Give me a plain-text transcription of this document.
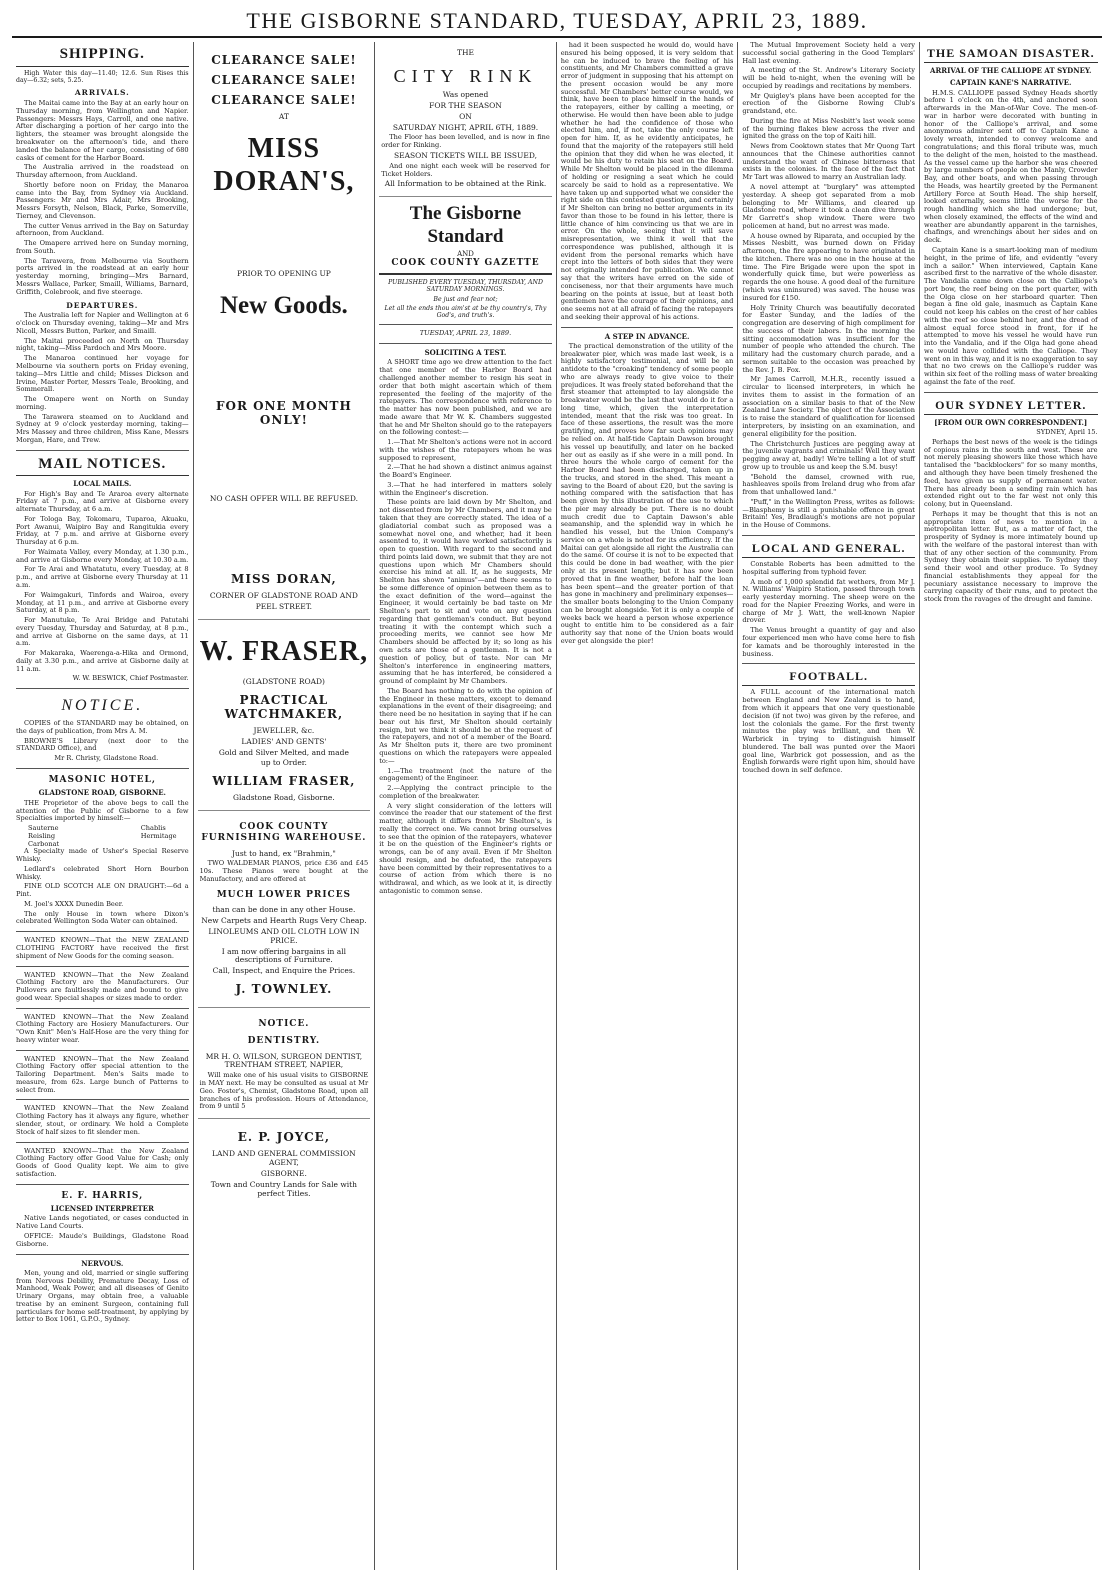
THE GISBORNE STANDARD, TUESDAY, APRIL 23, 1889.
SHIPPING.

High Water this day—11.40; 12.6. Sun Rises this day—6.32; sets, 5.25.

ARRIVALS.

The Maitai came into the Bay at an early hour on Thursday morning, from Wellington and Napier. Passengers: Messrs Hays, Carroll, and one native. After discharging a portion of her cargo into the lighters, the steamer was brought alongside the breakwater on the afternoon's tide, and there landed the balance of her cargo, consisting of 680 casks of cement for the Harbor Board.

The Australia arrived in the roadstead on Thursday afternoon, from Auckland.

Shortly before noon on Friday, the Manaroa came into the Bay, from Sydney via Auckland. Passengers: Mr and Mrs Adair, Mrs Brooking, Messrs Forsyth, Nelson, Black, Parke, Somerville, Tierney, and Clevenson.

The cutter Venus arrived in the Bay on Saturday afternoon, from Auckland.

The Omapere arrived here on Sunday morning, from South.

The Tarawera, from Melbourne via Southern ports arrived in the roadstead at an early hour yesterday morning, bringing—Mrs Barnard, Messrs Wallace, Parker, Smaill, Williams, Barnard, Griffith, Colebrook, and five steerage.

DEPARTURES.

The Australia left for Napier and Wellington at 6 o'clock on Thursday evening, taking—Mr and Mrs Nicoll, Messrs Button, Parker, and Smaill.

The Maitai proceeded on North on Thursday night, taking—Miss Pardoch and Mrs Moore.

The Manaroa continued her voyage for Melbourne via southern ports on Friday evening, taking—Mrs Little and child; Misses Dickson and Irvine, Master Porter, Messrs Teale, Brooking, and Sommerall.

The Omapere went on North on Sunday morning.

The Tarawera steamed on to Auckland and Sydney at 9 o'clock yesterday morning, taking—Mrs Massey and three children, Miss Kane, Messrs Morgan, Hare, and Trew.

MAIL NOTICES.
LOCAL MAILS.

For High's Bay and Te Araroa every alternate Friday at 7 p.m., and arrive at Gisborne every alternate Thursday, at 6 a.m.

For Tologa Bay, Tokomaru, Tuparoa, Akuaku, Port Awanui, Waipiro Bay and Rangitukia every Friday, at 7 p.m. and arrive at Gisborne every Thursday at 6 p.m.

For Waimata Valley, every Monday, at 1.30 p.m., and arrive at Gisborne every Monday, at 10.30 a.m.

For Te Arai and Whatatutu, every Tuesday, at 8 p.m., and arrive at Gisborne every Thursday at 11 a.m.

For Waimgakuri, Tinfords and Wairoa, every Monday, at 11 p.m., and arrive at Gisborne every Saturday, at 8 p.m.

For Manutuke, Te Arai Bridge and Patutahi every Tuesday, Thursday and Saturday, at 8 p.m., and arrive at Gisborne on the same days, at 11 a.m.

For Makaraka, Waerenga-a-Hika and Ormond, daily at 3.30 p.m., and arrive at Gisborne daily at 11 a.m.

W. W. BESWICK, Chief Postmaster.

NOTICE.

COPIES of the STANDARD may be obtained, on the days of publication, from Mrs A. M.

BROWNE'S Library (next door to the STANDARD Office), and

Mr R. Christy, Gladstone Road.

MASONIC HOTEL,
GLADSTONE ROAD, GISBORNE.

THE Proprietor of the above begs to call the attention of the Public of Gisborne to a few Specialties imported by himself:—

Sauterne
Reisling
Carbonat
Chablis
Hermitage

A Specialty made of Usher's Special Reserve Whisky.

Ledlard's celebrated Short Horn Bourbon Whisky.

FINE OLD SCOTCH ALE ON DRAUGHT:—6d a Pint.

M. Joel's XXXX Dunedin Beer.

The only House in town where Dixon's celebrated Wellington Soda Water can obtained.

WANTED KNOWN—That the NEW ZEALAND CLOTHING FACTORY have received the first shipment of New Goods for the coming season.

WANTED KNOWN—That the New Zealand Clothing Factory are the Manufacturers. Our Pullovers are faultlessly made and bound to give good wear. Special shapes or sizes made to order.

WANTED KNOWN—That the New Zealand Clothing Factory are Hosiery Manufacturers. Our "Own Knit" Men's Half-Hose are the very thing for heavy winter wear.

WANTED KNOWN—That the New Zealand Clothing Factory offer special attention to the Tailoring Department. Men's Saits made to measure, from 62s. Large bunch of Patterns to select from.

WANTED KNOWN—That the New Zealand Clothing Factory has it always any figure, whether slender, stout, or ordinary. We hold a Complete Stock of half sizes to fit slender men.

WANTED KNOWN—That the New Zealand Clothing Factory offer Good Value for Cash; only Goods of Good Quality kept. We aim to give satisfaction.

E. F. HARRIS,
LICENSED INTERPRETER

Native Lands negotiated, or cases conducted in Native Land Courts.

OFFICE: Maude's Buildings, Gladstone Road Gisborne.

NERVOUS.

Men, young and old, married or single suffering from Nervous Debility, Premature Decay, Loss of Manhood, Weak Power, and all diseases of Genito Urinary Organs, may obtain free, a valuable treatise by an eminent Surgeon, containing full particulars for home self-treatment, by applying by letter to Box 1061, G.P.O., Sydney.

CLEARANCE SALE!
CLEARANCE SALE!
CLEARANCE SALE!
AT
MISS DORAN'S,
PRIOR TO OPENING UP
New Goods.
FOR ONE MONTH ONLY!
NO CASH OFFER WILL BE REFUSED.
MISS DORAN,
CORNER OF GLADSTONE ROAD AND
PEEL STREET.
W. FRASER,
(GLADSTONE ROAD)
PRACTICAL WATCHMAKER,
JEWELLER, &c.
LADIES' AND GENTS'
Gold and Silver Melted, and made
up to Order.
WILLIAM FRASER,
Gladstone Road, Gisborne.
COOK COUNTY FURNISHING WAREHOUSE.
Just to hand, ex "Brahmin,"

TWO WALDEMAR PIANOS, price £36 and £45 10s. These Pianos were bought at the Manufactory, and are offered at

MUCH LOWER PRICES
than can be done in any other House.
New Carpets and Hearth Rugs Very Cheap.
LINOLEUMS AND OIL CLOTH LOW IN PRICE.
I am now offering bargains in all descriptions of Furniture.
Call, Inspect, and Enquire the Prices.
J. TOWNLEY.
NOTICE.
DENTISTRY.
MR H. O. WILSON, SURGEON DENTIST, TRENTHAM STREET, NAPIER,

Will make one of his usual visits to GISBORNE in MAY next. He may be consulted as usual at Mr Geo. Foster's, Chemist, Gladstone Road, upon all branches of his profession. Hours of Attendance, from 9 until 5

E. P. JOYCE,
LAND AND GENERAL COMMISSION AGENT,
GISBORNE.
Town and Country Lands for Sale with perfect Titles.
THE
CITY RINK
Was opened
FOR THE SEASON
ON
SATURDAY NIGHT, APRIL 6TH, 1889.

The Floor has been levelled, and is now in fine order for Rinking.

SEASON TICKETS WILL BE ISSUED,

And one night each week will be reserved for Ticket Holders.

All Information to be obtained at the Rink.
The Gisborne Standard
AND
COOK COUNTY GAZETTE
PUBLISHED EVERY TUESDAY, THURSDAY, AND SATURDAY MORNINGS.
Be just and fear not;
Let all the ends thou aim'st at be thy country's, Thy God's, and truth's.
TUESDAY, APRIL 23, 1889.
SOLICITING A TEST.

A SHORT time ago we drew attention to the fact that one member of the Harbor Board had challenged another member to resign his seat in order that both might ascertain which of them represented the feeling of the majority of the ratepayers. The correspondence with reference to the matter has now been published, and we are made aware that Mr W. K. Chambers suggested that he and Mr Shelton should go to the ratepayers on the following contest:—

1.—That Mr Shelton's actions were not in accord with the wishes of the ratepayers whom he was supposed to represent,

2.—That he had shown a distinct animus against the Board's Engineer.

3.—That he had interfered in matters solely within the Engineer's discretion.

These points are laid down by Mr Shelton, and not dissented from by Mr Chambers, and it may be taken that they are correctly stated. The idea of a gladiatorial combat such as proposed was a somewhat novel one, and whether, had it been assented to, it would have worked satisfactorily is open to question. With regard to the second and third points laid down, we submit that they are not questions upon which Mr Chambers should exercise his mind at all. If, as he suggests, Mr Shelton has shown "animus"—and there seems to be some difference of opinion between them as to the exact definition of the word—against the Engineer, it would certainly be bad taste on Mr Shelton's part to sit and vote on any question regarding that gentleman's conduct. But beyond treating it with the contempt which such a proceeding merits, we cannot see how Mr Chambers should be affected by it; so long as his own acts are those of a gentleman. It is not a question of policy, but of taste. Nor can Mr Shelton's interference in engineering matters, assuming that he has interfered, be considered a ground of complaint by Mr Chambers.

The Board has nothing to do with the opinion of the Engineer in these matters, except to demand explanations in the event of their disagreeing; and there need be no hesitation in saying that if he can bear out his first, Mr Shelton should certainly resign, but we think it should be at the request of the ratepayers, and not of a member of the Board. As Mr Shelton puts it, there are two prominent questions on which the ratepayers were appealed to:—

1.—The treatment (not the nature of the engagement) of the Engineer.

2.—Applying the contract principle to the completion of the breakwater.

A very slight consideration of the letters will convince the reader that our statement of the first matter, although it differs from Mr Shelton's, is really the correct one. We cannot bring ourselves to see that the opinion of the ratepayers, whatever it be on the question of the Engineer's rights or wrongs, can be of any avail. Even if Mr Shelton should resign, and be defeated, the ratepayers have been committed by their representatives to a course of action from which there is no withdrawal, and which, as we look at it, is directly antagonistic to common sense.

had it been suspected he would do, would have ensured his being opposed, it is very seldom that he can be induced to brave the feeling of his constituents, and Mr Chambers committed a grave error of judgment in supposing that his attempt on the present occasion would be any more successful. Mr Chambers' better course would, we think, have been to place himself in the hands of the ratepayers, either by calling a meeting, or otherwise. He would then have been able to judge whether he had the confidence of those who elected him, and, if not, take the only course left open for him. If, as he evidently anticipates, he found that the majority of the ratepayers still held the opinion that they did when he was elected, it would be his duty to retain his seat on the Board. While Mr Shelton would be placed in the dilemma of holding or resigning a seat which he could scarcely be said to hold as a representative. We have taken up and supported what we consider the right side on this contested question, and certainly if Mr Shelton can bring no better arguments in its favor than those to be found in his letter, there is little chance of him convincing us that we are in error. On the whole, seeing that it will save misrepresentation, we think it well that the correspondence was published, although it is evident from the personal remarks which have crept into the letters of both sides that they were not originally intended for publication. We cannot say that the writers have erred on the side of conciseness, nor that their arguments have much bearing on the points at issue, but at least both gentlemen have the courage of their opinions, and one seems not at all afraid of facing the ratepayers and seeking their approval of his actions.

A STEP IN ADVANCE.

The practical demonstration of the utility of the breakwater pier, which was made last week, is a highly satisfactory testimonial, and will be an antidote to the "croaking" tendency of some people who are always ready to give voice to their prejudices. It was freely stated beforehand that the first steamer that attempted to lay alongside the breakwater would be the last that would do it for a long time, which, given the interpretation intended, meant that the risk was too great. In face of these assertions, the result was the more gratifying, and proves how far such opinions may be relied on. At half-tide Captain Dawson brought his vessel up beautifully, and later on he backed her out as easily as if she were in a mill pond. In three hours the whole cargo of cement for the Harbor Board had been discharged, taken up in the trucks, and stored in the shed. This meant a saving to the Board of about £20, but the saving is nothing compared with the satisfaction that has been given by this illustration of the use to which the pier may already be put. There is no doubt much credit due to Captain Dawson's able seamanship, and the splendid way in which he handled his vessel, but the Union Company's service on a whole is noted for its efficiency. If the Maitai can get alongside all right the Australia can do the same. Of course it is not to be expected that this could be done in bad weather, with the pier only at its present length; but it has now been proved that in fine weather, before half the loan has been spent—and the greater portion of that has gone in machinery and preliminary expenses—the smaller boats belonging to the Union Company can be brought alongside. Yet it is only a couple of weeks back we heard a person whose experience ought to entitle him to be considered as a fair authority say that none of the Union boats would ever get alongside the pier!

The Mutual Improvement Society held a very successful social gathering in the Good Templars' Hall last evening.

A meeting of the St. Andrew's Literary Society will be held to-night, when the evening will be occupied by readings and recitations by members.

Mr Quigley's plans have been accepted for the erection of the Gisborne Rowing Club's grandstand, etc.

During the fire at Miss Nesbitt's last week some of the burning flakes blew across the river and ignited the grass on the top of Kaiti hill.

News from Cooktown states that Mr Quong Tart announces that the Chinese authorities cannot understand the want of Chinese bitterness that exists in the colonies. In the face of the fact that Mr Tart was allowed to marry an Australian lady.

A novel attempt at "burglary" was attempted yesterday. A sheep got separated from a mob belonging to Mr Williams, and cleared up Gladstone road, where it took a clean dive through Mr Garrett's shop window. There were two policemen at hand, but no arrest was made.

A house owned by Riparata, and occupied by the Misses Nesbitt, was burned down on Friday afternoon, the fire appearing to have originated in the kitchen. There was no one in the house at the time. The Fire Brigade were upon the spot in wonderfully quick time, but were powerless as regards the one house. A good deal of the furniture (which was uninsured) was saved. The house was insured for £150.

Holy Trinity Church was beautifully decorated for Easter Sunday, and the ladies of the congregation are deserving of high compliment for the success of their labors. In the morning the sitting accommodation was insufficient for the number of people who attended the church. The military had the customary church parade, and a sermon suitable to the occasion was preached by the Rev. J. B. Fox.

Mr James Carroll, M.H.R., recently issued a circular to licensed interpreters, in which he invites them to assist in the formation of an association on a similar basis to that of the New Zealand Law Society. The object of the Association is to raise the standard of qualification for licensed interpreters, by insisting on an examination, and general eligibility for the position.

The Christchurch Justices are pegging away at the juvenile vagrants and criminals! Well they want pegging away at, badly! We're telling a lot of stuff grow up to trouble us and keep the S.M. busy!

"Behold the damsel, crowned with rue, hashleaves spoils from Ireland drug who from afar from that unhallowed land."

"Puff," in the Wellington Press, writes as follows:—Blasphemy is still a punishable offence in great Britain! Yes, Bradlaugh's motions are not popular in the House of Commons.

LOCAL AND GENERAL.

Constable Roberts has been admitted to the hospital suffering from typhoid fever.

A mob of 1,000 splendid fat wethers, from Mr J. N. Williams' Waipiro Station, passed through town early yesterday morning. The sheep were on the road for the Napier Freezing Works, and were in charge of Mr J. Watt, the well-known Napier drover.

The Venus brought a quantity of gay and also four experienced men who have come here to fish for kamats and be thoroughly interested in the business.

FOOTBALL.

A FULL account of the international match between England and New Zealand is to hand, from which it appears that one very questionable decision (if not two) was given by the referee, and lost the colonials the game. For the first twenty minutes the play was brilliant, and then W. Warbrick in trying to distinguish himself blundered. The ball was punted over the Maori goal line, Warbrick got possession, and as the English forwards were right upon him, should have touched down in self defence.

THE SAMOAN DISASTER.
ARRIVAL OF THE CALLIOPE AT SYDNEY.
CAPTAIN KANE'S NARRATIVE.

H.M.S. CALLIOPE passed Sydney Heads shortly before 1 o'clock on the 4th, and anchored soon afterwards in the Man-of-War Cove. The men-of-war in harbor were decorated with bunting in honor of the Calliope's arrival, and some anonymous admirer sent off to Captain Kane a lovely wreath, intended to convey welcome and congratulations; and this floral tribute was, much to the delight of the men, hoisted to the masthead. As the vessel came up the harbor she was cheered by large numbers of people on the Manly, Crowder Bay, and other boats, and when passing through the Heads, was heartily greeted by the Permanent Artillery Force at South Head. The ship herself, looked externally, seems little the worse for the rough handling which she had undergone; but, when closely examined, the effects of the wind and weather are abundantly apparent in the tarnishes, chafings, and wrenchings about her sides and on deck.

Captain Kane is a smart-looking man of medium height, in the prime of life, and evidently "every inch a sailor." When interviewed, Captain Kane ascribed first to the narrative of the whole disaster. The Vandalia came down close on the Calliope's port bow, the reef being on the port quarter, with the Olga close on her starboard quarter. Then began a fine old gale, inasmuch as Captain Kane could not keep his cables on the crest of her cables with the reef so close behind her, and the dread of almost equal force stood in front, for if he attempted to move his vessel he would have run into the Vandalia, and if the Olga had gone ahead we would have collided with the Calliope. They went on in this way, and it is no exaggeration to say that no two crews on the Calliope's rudder was within six feet of the rolling mass of water breaking against the fate of the reef.

OUR SYDNEY LETTER.
[FROM OUR OWN CORRESPONDENT.]

SYDNEY, April 15.

Perhaps the best news of the week is the tidings of copious rains in the south and west. These are not merely pleasing showers like those which have tantalised the "backblockers" for so many months, and although they have been timely freshened the feed, have given us supply of permanent water. There has already been a sending rain which has extended right out to the far west not only this colony, but in Queensland.

Perhaps it may be thought that this is not an appropriate item of news to mention in a metropolitan letter. But, as a matter of fact, the prosperity of Sydney is more intimately bound up with the welfare of the pastoral interest than with that of any other section of the community. From Sydney they obtain their supplies. To Sydney they send their wool and other produce. To Sydney financial establishments they appeal for the pecuniary assistance necessary to improve the carrying capacity of their runs, and to protect the stock from the ravages of the drought and famine.
